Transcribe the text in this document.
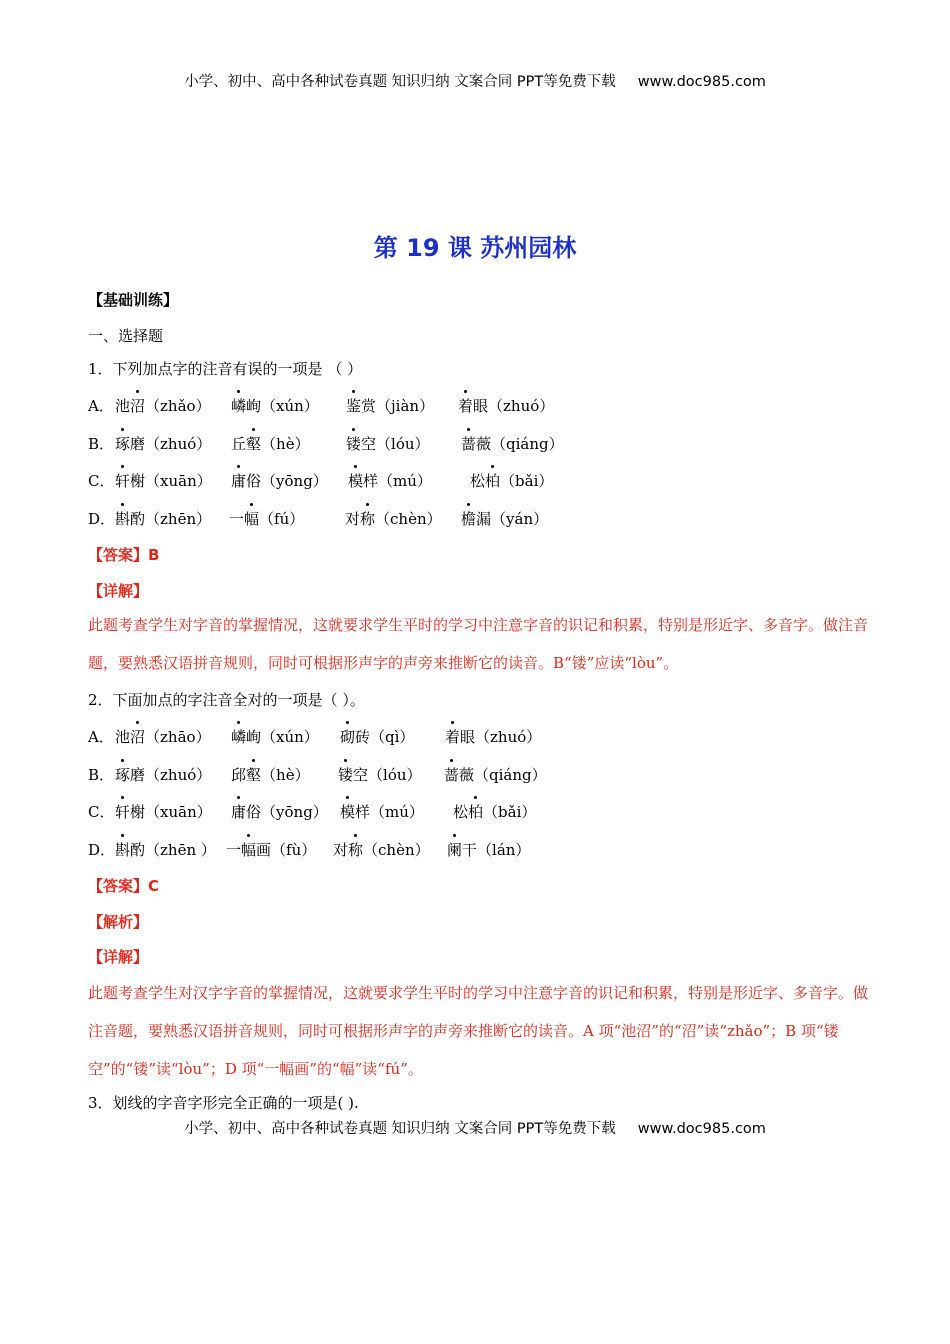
小学、初中、高中各种试卷真题 知识归纳 文案合同 PPT等免费下载 www.doc985.com
第 19 课 苏州园林
【基础训练】
一、选择题
1．下列加点字的注音有误的一项是 （ ）
A． 池沼（zhǎo） 嶙峋（xún） 鉴赏（jiàn） 着眼（zhuó）
B． 琢磨（zhuó） 丘壑（hè） 镂空（lóu） 蔷薇（qiáng）
C． 轩榭（xuān） 庸俗（yōng） 模样（mú）	松柏（bǎi）
D． 斟酌（zhēn） 一幅（fú）	对称（chèn） 檐漏（yán）
【答案】B
【详解】
此题考查学生对字音的掌握情况，这就要求学生平时的学习中注意字音的识记和积累，特别是形近字、多音字。做注音题，要熟悉汉语拼音规则，同时可根据形声字的声旁来推断它的读音。B“镂”应读“lòu”。
2．下面加点的字注音全对的一项是（ ）。
A． 池沼（zhāo） 嶙峋（xún） 砌砖（qì） 着眼（zhuó）
B． 琢磨（zhuó） 邱壑（hè） 镂空（lóu） 蔷薇（qiáng）
C． 轩榭（xuān） 庸俗（yōng） 模样（mú） 松柏（bǎi）
D． 斟酌（zhēn ） 一幅画（fù） 对称（chèn） 阑干（lán）
【答案】C
【解析】
【详解】
此题考查学生对汉字字音的掌握情况，这就要求学生平时的学习中注意字音的识记和积累，特别是形近字、多音字。做注音题，要熟悉汉语拼音规则，同时可根据形声字的声旁来推断它的读音。A 项“池沼”的“沼”读“zhǎo”；B 项“镂空”的“镂”读“lòu”；D 项“一幅画”的“幅”读“fú”。
3．划线的字音字形完全正确的一项是( ).
小学、初中、高中各种试卷真题 知识归纳 文案合同 PPT等免费下载 www.doc985.com
